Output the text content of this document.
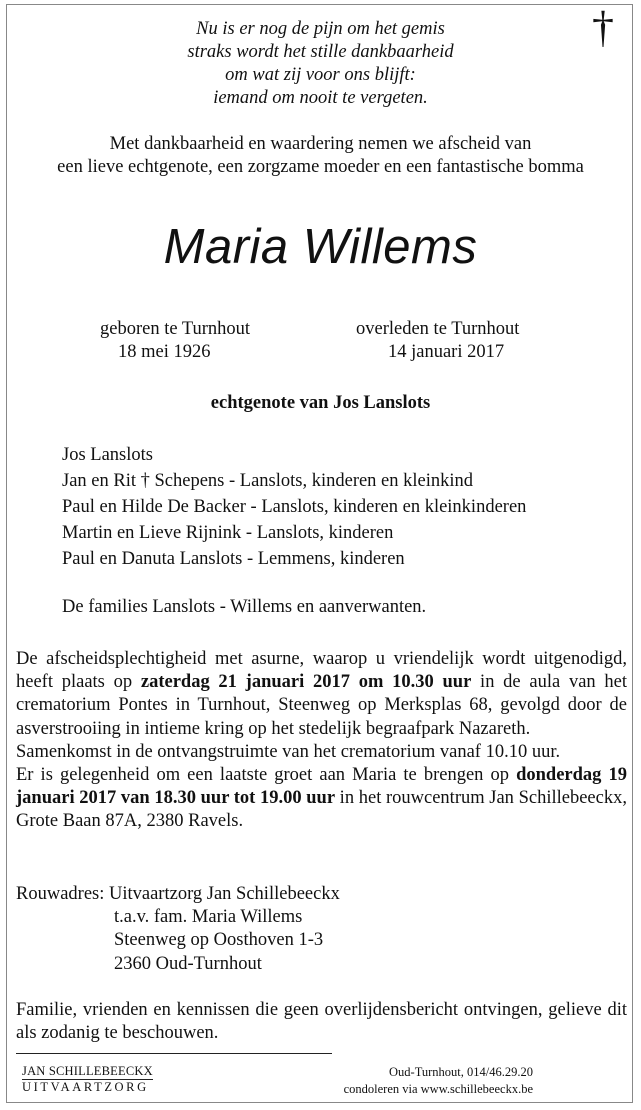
†
Nu is er nog de pijn om het gemis
straks wordt het stille dankbaarheid
om wat zij voor ons blijft:
iemand om nooit te vergeten.
Met dankbaarheid en waardering nemen we afscheid van
een lieve echtgenote, een zorgzame moeder en een fantastische bomma
Maria Willems
geboren te Turnhout
18 mei 1926
overleden te Turnhout
14 januari 2017
echtgenote van Jos Lanslots
Jos Lanslots
Jan en Rit † Schepens - Lanslots, kinderen en kleinkind
Paul en Hilde De Backer - Lanslots, kinderen en kleinkinderen
Martin en Lieve Rijnink - Lanslots, kinderen
Paul en Danuta Lanslots - Lemmens, kinderen
De families Lanslots - Willems en aanverwanten.
De afscheidsplechtigheid met asurne, waarop u vriendelijk wordt uitgenodigd, heeft plaats op zaterdag 21 januari 2017 om 10.30 uur in de aula van het crematorium Pontes in Turnhout, Steenweg op Merksplas 68, gevolgd door de asverstrooiing in intieme kring op het stedelijk begraafpark Nazareth.
Samenkomst in de ontvangstruimte van het crematorium vanaf 10.10 uur.
Er is gelegenheid om een laatste groet aan Maria te brengen op donderdag 19 januari 2017 van 18.30 uur tot 19.00 uur in het rouwcentrum Jan Schillebeeckx, Grote Baan 87A, 2380 Ravels.
Rouwadres: Uitvaartzorg Jan Schillebeeckx
t.a.v. fam. Maria Willems
Steenweg op Oosthoven 1-3
2360 Oud-Turnhout
Familie, vrienden en kennissen die geen overlijdensbericht ontvingen, gelieve dit als zodanig te beschouwen.
JAN SCHILLEBEECKX
UITVAARTZORG
Oud-Turnhout, 014/46.29.20
condoleren via www.schillebeeckx.be
